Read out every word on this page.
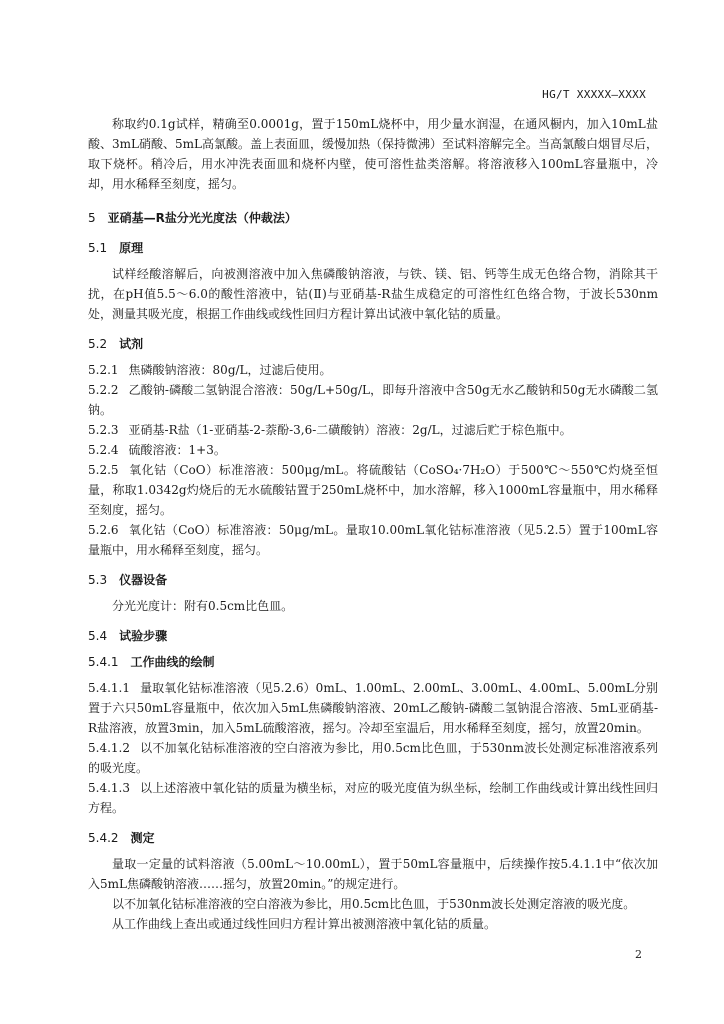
HG/T XXXXX—XXXX

称取约0.1g试样，精确至0.0001g，置于150mL烧杯中，用少量水润湿，在通风橱内，加入10mL盐酸、3mL硝酸、5mL高氯酸。盖上表面皿，缓慢加热（保持微沸）至试料溶解完全。当高氯酸白烟冒尽后，取下烧杯。稍冷后，用水冲洗表面皿和烧杯内壁，使可溶性盐类溶解。将溶液移入100mL容量瓶中，冷却，用水稀释至刻度，摇匀。

5 亚硝基—R盐分光光度法（仲裁法）

5.1 原理

试样经酸溶解后，向被测溶液中加入焦磷酸钠溶液，与铁、镁、铝、钙等生成无色络合物，消除其干扰，在pH值5.5～6.0的酸性溶液中，钴(Ⅱ)与亚硝基-R盐生成稳定的可溶性红色络合物，于波长530nm处，测量其吸光度，根据工作曲线或线性回归方程计算出试液中氧化钴的质量。

5.2 试剂

5.2.1 焦磷酸钠溶液：80g/L，过滤后使用。

5.2.2 乙酸钠-磷酸二氢钠混合溶液：50g/L+50g/L，即每升溶液中含50g无水乙酸钠和50g无水磷酸二氢钠。

5.2.3 亚硝基-R盐（1-亚硝基-2-萘酚-3,6-二磺酸钠）溶液：2g/L，过滤后贮于棕色瓶中。

5.2.4 硫酸溶液：1+3。

5.2.5 氧化钴（CoO）标准溶液：500μg/mL。将硫酸钴（CoSO₄·7H₂O）于500℃～550℃灼烧至恒量，称取1.0342g灼烧后的无水硫酸钴置于250mL烧杯中，加水溶解，移入1000mL容量瓶中，用水稀释至刻度，摇匀。

5.2.6 氧化钴（CoO）标准溶液：50μg/mL。量取10.00mL氧化钴标准溶液（见5.2.5）置于100mL容量瓶中，用水稀释至刻度，摇匀。

5.3 仪器设备

分光光度计：附有0.5cm比色皿。

5.4 试验步骤

5.4.1 工作曲线的绘制

5.4.1.1 量取氧化钴标准溶液（见5.2.6）0mL、1.00mL、2.00mL、3.00mL、4.00mL、5.00mL分别置于六只50mL容量瓶中，依次加入5mL焦磷酸钠溶液、20mL乙酸钠-磷酸二氢钠混合溶液、5mL亚硝基-R盐溶液，放置3min，加入5mL硫酸溶液，摇匀。冷却至室温后，用水稀释至刻度，摇匀，放置20min。

5.4.1.2 以不加氧化钴标准溶液的空白溶液为参比，用0.5cm比色皿，于530nm波长处测定标准溶液系列的吸光度。

5.4.1.3 以上述溶液中氧化钴的质量为横坐标，对应的吸光度值为纵坐标，绘制工作曲线或计算出线性回归方程。

5.4.2 测定

量取一定量的试料溶液（5.00mL～10.00mL），置于50mL容量瓶中，后续操作按5.4.1.1中“依次加入5mL焦磷酸钠溶液……摇匀，放置20min。”的规定进行。

以不加氧化钴标准溶液的空白溶液为参比，用0.5cm比色皿，于530nm波长处测定溶液的吸光度。

从工作曲线上查出或通过线性回归方程计算出被测溶液中氧化钴的质量。

2
